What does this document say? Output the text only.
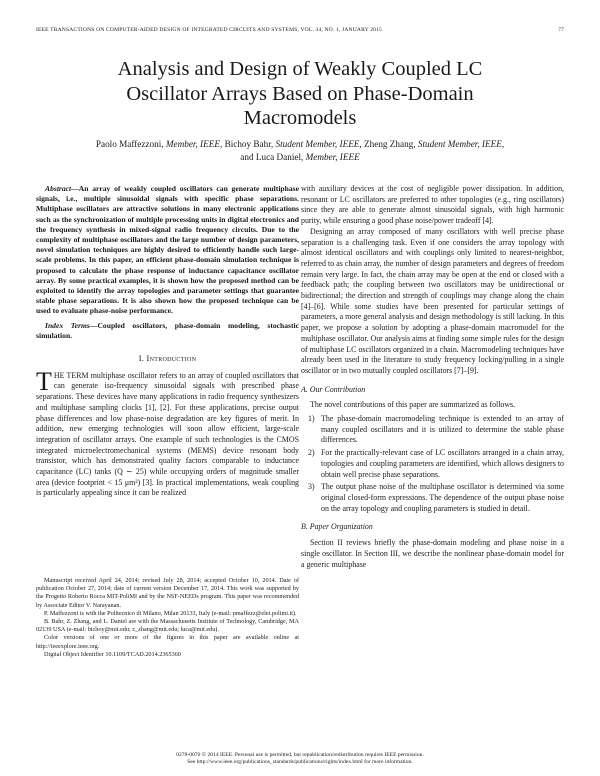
IEEE TRANSACTIONS ON COMPUTER-AIDED DESIGN OF INTEGRATED CIRCUITS AND SYSTEMS, VOL. 34, NO. 1, JANUARY 2015	77
Analysis and Design of Weakly Coupled LC
Oscillator Arrays Based on Phase-Domain
Macromodels
Paolo Maffezzoni, Member, IEEE, Bichoy Bahr, Student Member, IEEE, Zheng Zhang, Student Member, IEEE,
and Luca Daniel, Member, IEEE

Abstract—An array of weakly coupled oscillators can generate multiphase signals, i.e., multiple sinusoidal signals with specific phase separations. Multiphase oscillators are attractive solutions in many electronic applications such as the synchronization of multiple processing units in digital electronics and the frequency synthesis in mixed-signal radio frequency circuits. Due to the complexity of multiphase oscillators and the large number of design parameters, novel simulation techniques are highly desired to efficiently handle such large-scale problems. In this paper, an efficient phase-domain simulation technique is proposed to calculate the phase response of inductance capacitance oscillator array. By some practical examples, it is shown how the proposed method can be exploited to identify the array topologies and parameter settings that guarantee stable phase separations. It is also shown how the proposed technique can be used to evaluate phase-noise performance.

Index Terms—Coupled oscillators, phase-domain modeling, stochastic simulation.

I. Introduction

THE TERM multiphase oscillator refers to an array of coupled oscillators that can generate iso-frequency sinusoidal signals with prescribed phase separations. These devices have many applications in radio frequency synthesizers and multiphase sampling clocks [1], [2]. For these applications, precise output phase differences and low phase-noise degradation are key figures of merit. In addition, new emerging technologies will soon allow efficient, large-scale integration of oscillator arrays. One example of such technologies is the CMOS integrated microelectromechanical systems (MEMS) device resonant body transistor, which has demonstrated quality factors comparable to inductance capacitance (LC) tanks (Q ∼ 25) while occupying orders of magnitude smaller area (device footprint < 15 μm²) [3]. In practical implementations, weak coupling is particularly appealing since it can be realized

Manuscript received April 24, 2014; revised July 28, 2014; accepted October 10, 2014. Date of publication October 27, 2014; date of current version December 17, 2014. This work was supported by the Progetto Roberto Rocca MIT-PoliMI and by the NSF-NEEDs program. This paper was recommended by Associate Editor V. Narayanan.

P. Maffezzoni is with the Politecnico di Milano, Milan 20133, Italy (e-mail: pmaffezz@elet.polimi.it).

B. Bahr, Z. Zhang, and L. Daniel are with the Massachusetts Institute of Technology, Cambridge, MA 02139 USA (e-mail: bichoy@mit.edu; z_zhang@mit.edu; luca@mit.edu).

Color versions of one or more of the figures in this paper are available online at http://ieeexplore.ieee.org.

Digital Object Identifier 10.1109/TCAD.2014.2365360

with auxiliary devices at the cost of negligible power dissipation. In addition, resonant or LC oscillators are preferred to other topologies (e.g., ring oscillators) since they are able to generate almost sinusoidal signals, with high harmonic purity, while ensuring a good phase noise/power tradeoff [4].

Designing an array composed of many oscillators with well precise phase separation is a challenging task. Even if one considers the array topology with almost identical oscillators and with couplings only limited to nearest-neighbor, referred to as chain array, the number of design parameters and degrees of freedom remain very large. In fact, the chain array may be open at the end or closed with a feedback path; the coupling between two oscillators may be unidirectional or bidirectional; the direction and strength of couplings may change along the chain [4]–[6]. While some studies have been presented for particular settings of parameters, a more general analysis and design methodology is still lacking. In this paper, we propose a solution by adopting a phase-domain macromodel for the multiphase oscillator. Our analysis aims at finding some simple rules for the design of multiphase LC oscillators organized in a chain. Macromodeling techniques have already been used in the literature to study frequency locking/pulling in a single oscillator or in two mutually coupled oscillators [7]–[9].

A. Our Contribution

The novel contributions of this paper are summarized as follows.

1) The phase-domain macromodeling technique is extended to an array of many coupled oscillators and it is utilized to determine the stable phase differences.
2) For the practically-relevant case of LC oscillators arranged in a chain array, topologies and coupling parameters are identified, which allows designers to obtain well precise phase separations.
3) The output phase noise of the multiphase oscillator is determined via some original closed-form expressions. The dependence of the output phase noise on the array topology and coupling parameters is studied in detail.
B. Paper Organization

Section II reviews briefly the phase-domain modeling and phase noise in a single oscillator. In Section III, we describe the nonlinear phase-domain model for a generic multiphase

0278-0070 © 2014 IEEE. Personal use is permitted, but republication/redistribution requires IEEE permission.
See http://www.ieee.org/publications_standards/publications/rights/index.html for more information.
